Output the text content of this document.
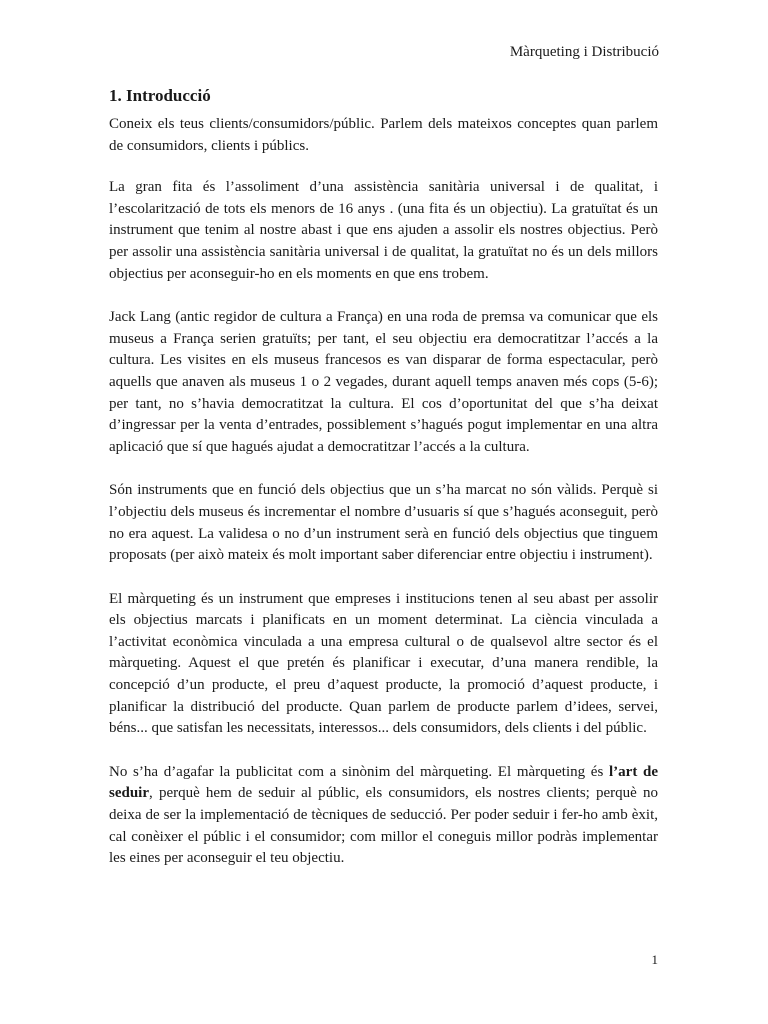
Màrqueting i Distribució
1. Introducció

Coneix els teus clients/consumidors/públic. Parlem dels mateixos conceptes quan parlem de consumidors, clients i públics.

La gran fita és l’assoliment d’una assistència sanitària universal i de qualitat, i l’escolarització de tots els menors de 16 anys . (una fita és un objectiu). La gratuïtat és un instrument que tenim al nostre abast i que ens ajuden a assolir els nostres objectius. Però per assolir una assistència sanitària universal i de qualitat, la gratuïtat no és un dels millors objectius per aconseguir-ho en els moments en que ens trobem.

Jack Lang (antic regidor de cultura a França) en una roda de premsa va comunicar que els museus a França serien gratuïts; per tant, el seu objectiu era democratitzar l’accés a la cultura. Les visites en els museus francesos es van disparar de forma espectacular, però aquells que anaven als museus 1 o 2 vegades, durant aquell temps anaven més cops (5-6); per tant, no s’havia democratitzat la cultura. El cos d’oportunitat del que s’ha deixat d’ingressar per la venta d’entrades, possiblement s’hagués pogut implementar en una altra aplicació que sí que hagués ajudat a democratitzar l’accés a la cultura.

Són instruments que en funció dels objectius que un s’ha marcat no són vàlids. Perquè si l’objectiu dels museus és incrementar el nombre d’usuaris sí que s’hagués aconseguit, però no era aquest. La validesa o no d’un instrument serà en funció dels objectius que tinguem proposats (per això mateix és molt important saber diferenciar entre objectiu i instrument).

El màrqueting és un instrument que empreses i institucions tenen al seu abast per assolir els objectius marcats i planificats en un moment determinat. La ciència vinculada a l’activitat econòmica vinculada a una empresa cultural o de qualsevol altre sector és el màrqueting. Aquest el que pretén és planificar i executar, d’una manera rendible, la concepció d’un producte, el preu d’aquest producte, la promoció d’aquest producte, i planificar la distribució del producte. Quan parlem de producte parlem d’idees, servei, béns... que satisfan les necessitats, interessos... dels consumidors, dels clients i del públic.

No s’ha d’agafar la publicitat com a sinònim del màrqueting. El màrqueting és l’art de seduir, perquè hem de seduir al públic, els consumidors, els nostres clients; perquè no deixa de ser la implementació de tècniques de seducció. Per poder seduir i fer-ho amb èxit, cal conèixer el públic i el consumidor; com millor el coneguis millor podràs implementar les eines per aconseguir el teu objectiu.

1
